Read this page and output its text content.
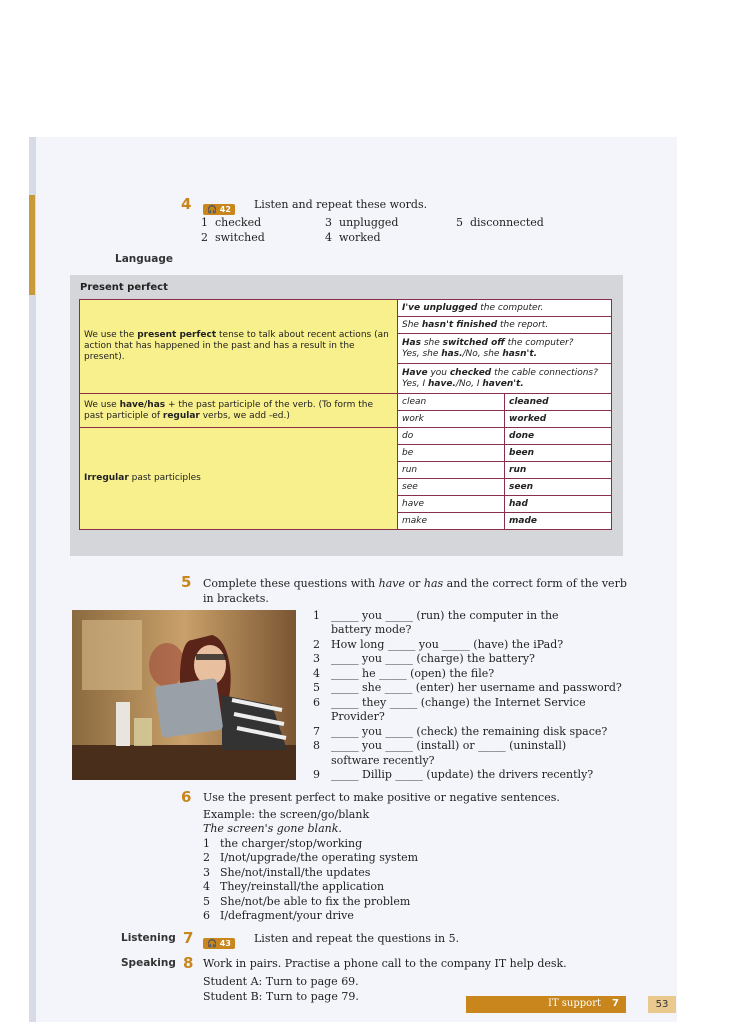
4	🎧 42	Listen and repeat these words.
1 checked
2 switched
3 unplugged
4 worked
5 disconnected
Language
Present perfect
We use the present perfect tense to talk about recent actions (an action that has happened in the past and has a result in the present).	I've unplugged the computer.	
	She hasn't finished the report.	
	Has she switched off the computer?
Yes, she has./No, she hasn't.	
	Have you checked the cable connections?
Yes, I have./No, I haven't.	
We use have/has + the past participle of the verb. (To form the past participle of regular verbs, we add -ed.)	clean	cleaned
	work	worked
Irregular past participles	do	done
	be	been
	run	run
	see	seen
	have	had
	make	made
5 Complete these questions with have or has and the correct form of the verb
in brackets.
1 _____ you _____ (run) the computer in the
battery mode?
2 How long _____ you _____ (have) the iPad?
3 _____ you _____ (charge) the battery?
4 _____ he _____ (open) the file?
5 _____ she _____ (enter) her username and password?
6 _____ they _____ (change) the Internet Service
Provider?
7 _____ you _____ (check) the remaining disk space?
8 _____ you _____ (install) or _____ (uninstall)
software recently?
9 _____ Dillip _____ (update) the drivers recently?
6 Use the present perfect to make positive or negative sentences.
Example: the screen/go/blank
The screen's gone blank.
1 the charger/stop/working
2 I/not/upgrade/the operating system
3 She/not/install/the updates
4 They/reinstall/the application
5 She/not/be able to fix the problem
6 I/defragment/your drive
Listening 7	🎧 43	Listen and repeat the questions in 5.
Speaking 8 Work in pairs. Practise a phone call to the company IT help desk.
Student A: Turn to page 69.
Student B: Turn to page 79.
IT support 7	53
